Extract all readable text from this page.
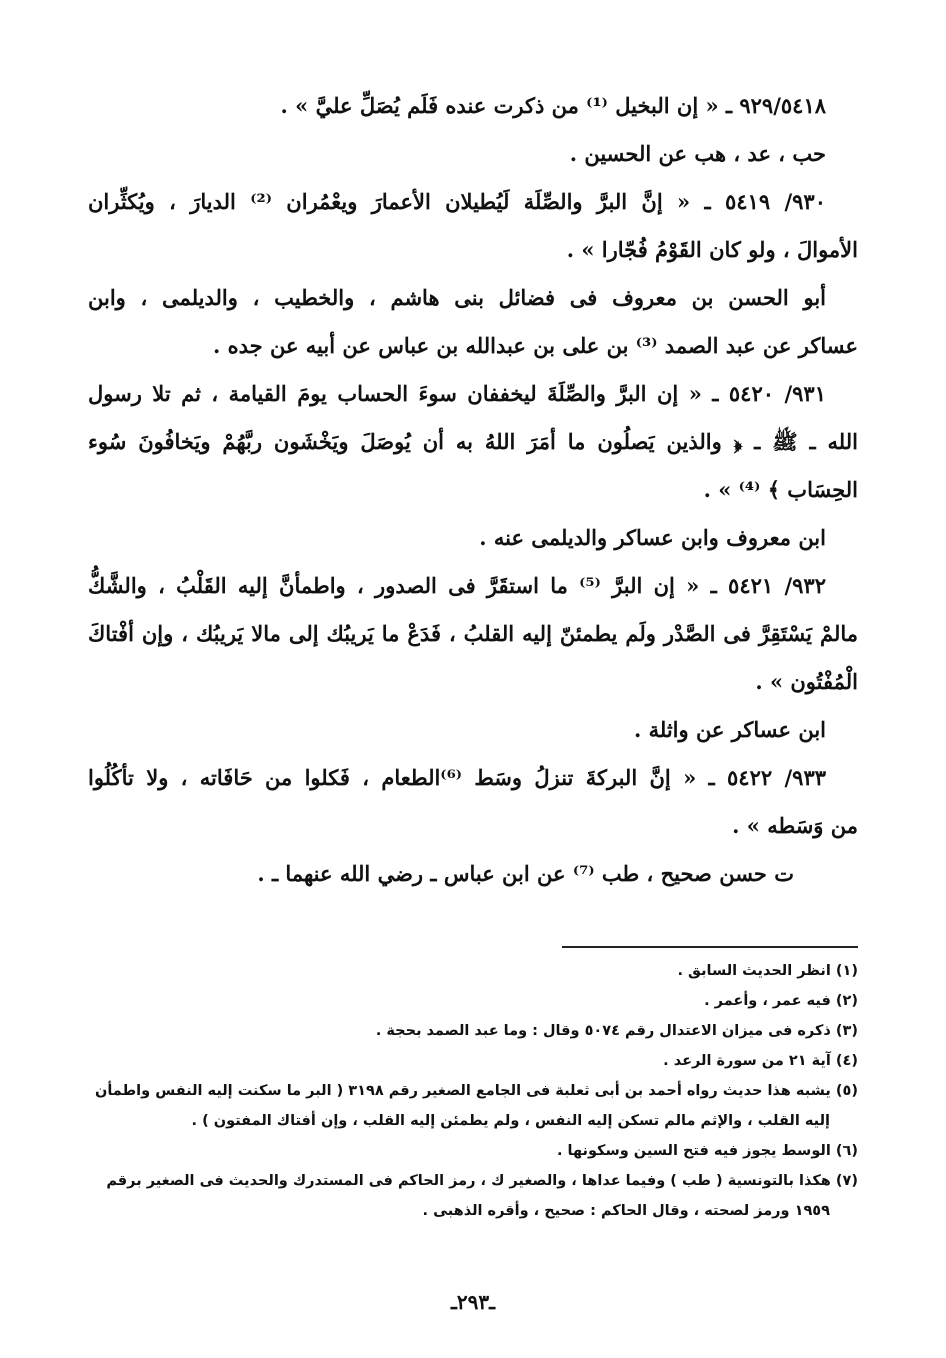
٩٢٩/٥٤١٨ ـ « إن البخيل ⁽¹⁾ من ذكرت عنده فَلَم يُصَلِّ عليَّ » .
حب ، عد ، هب عن الحسين .
٩٣٠/ ٥٤١٩ ـ « إنَّ البرَّ والصِّلَة لَيُطيلان الأعمارَ ويعْمُران ⁽²⁾ الديارَ ، ويُكثِّران
الأموالَ ، ولو كان القَوْمُ فُجّارا » .
أبو الحسن بن معروف فى فضائل بنى هاشم ، والخطيب ، والديلمى ، وابن
عساكر عن عبد الصمد ⁽³⁾ بن على بن عبدالله بن عباس عن أبيه عن جده .
٩٣١/ ٥٤٢٠ ـ « إن البرَّ والصِّلَةَ ليخففان سوءَ الحساب يومَ القيامة ، ثم تلا رسول
الله ـ ﷺ ـ ﴿ والذين يَصلُون ما أمَرَ اللهُ به أن يُوصَلَ ويَخْشَون ربَّهُمْ ويَخافُونَ سُوء
الحِسَاب ﴾ ⁽⁴⁾ » .
ابن معروف وابن عساكر والديلمى عنه .
٩٣٢/ ٥٤٢١ ـ « إن البرَّ ⁽⁵⁾ ما استقَرَّ فى الصدور ، واطمأنَّ إليه القَلْبُ ، والشَّكُّ
مالمْ يَسْتَقِرَّ فى الصَّدْر ولَم يطمئنّ إليه القلبُ ، فَدَعْ ما يَريبُك إلى مالا يَريبُك ، وإن أفْتاكَ
الْمُفْتُون » .
ابن عساكر عن واثلة .
٩٣٣/ ٥٤٢٢ ـ « إنَّ البركةَ تنزلُ وسَط ⁽⁶⁾الطعام ، فَكلوا من حَافَاته ، ولا تأكُلُوا
من وَسَطه » .
ت حسن صحيح ، طب ⁽⁷⁾ عن ابن عباس ـ رضي الله عنهما ـ .
(١) انظر الحديث السابق .
(٢) فيه عمر ، وأعمر .
(٣) ذكره فى ميزان الاعتدال رقم ٥٠٧٤ وقال : وما عبد الصمد بحجة .
(٤) آية ٢١ من سورة الرعد .
(٥) يشبه هذا حديث رواه أحمد بن أبى ثعلبة فى الجامع الصغير رقم ٣١٩٨ ( البر ما سكنت إليه النفس واطمأن
إليه القلب ، والإثم مالم تسكن إليه النفس ، ولم يطمئن إليه القلب ، وإن أفتاك المفتون ) .
(٦) الوسط يجوز فيه فتح السين وسكونها .
(٧) هكذا بالتونسية ( طب ) وفيما عداها ، والصغير ك ، رمز الحاكم فى المستدرك والحديث فى الصغير برقم
١٩٥٩ ورمز لصحته ، وقال الحاكم : صحيح ، وأقره الذهبى .
ـ٢٩٣ـ
